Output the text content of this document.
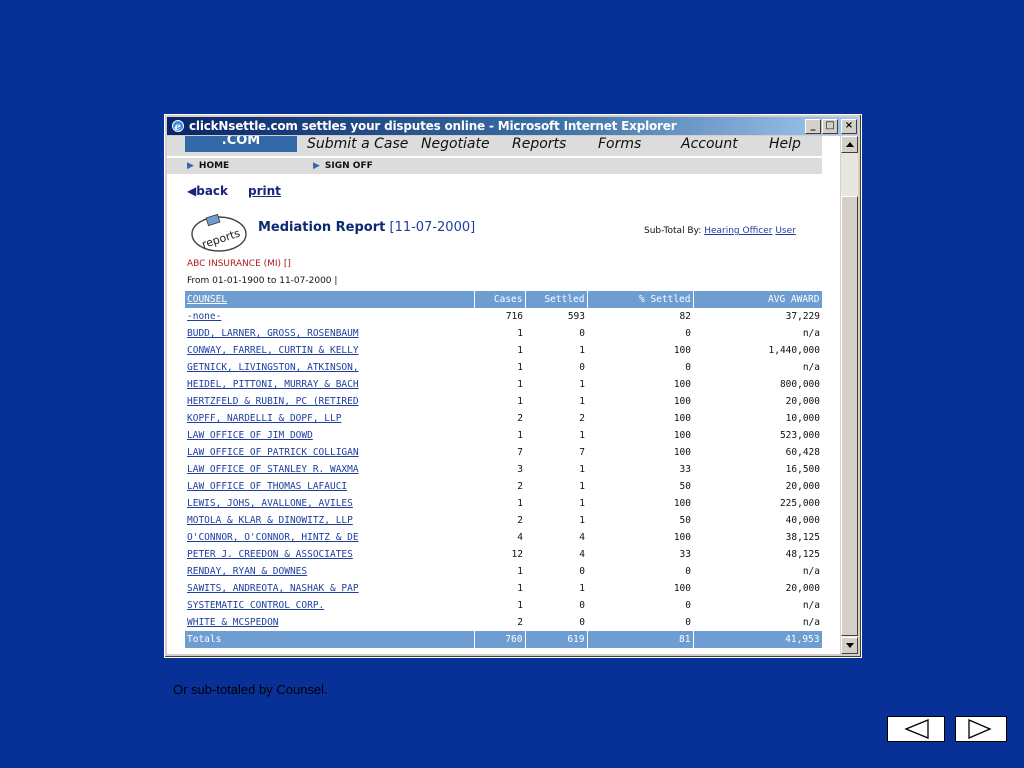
e clickNsettle.com settles your disputes online - Microsoft Internet Explorer	_ □	×
.COM	Submit a Case Negotiate Reports Forms	Account Help
▶ HOME	▶ SIGN OFF
◀back print
reports Mediation Report [11-07-2000]	Sub-Total By: Hearing Officer User
ABC INSURANCE (MI) []
From 01-01-1900 to 11-07-2000 |
COUNSEL	Cases	Settled	% Settled	AVG AWARD
-none-	716	593	82	37,229
BUDD, LARNER, GROSS, ROSENBAUM	1	0	0	n/a
CONWAY, FARREL, CURTIN & KELLY	1	1	100	1,440,000
GETNICK, LIVINGSTON, ATKINSON,	1	0	0	n/a
HEIDEL, PITTONI, MURRAY & BACH	1	1	100	800,000
HERTZFELD & RUBIN, PC (RETIRED	1	1	100	20,000
KOPFF, NARDELLI & DOPF, LLP	2	2	100	10,000
LAW OFFICE OF JIM DOWD	1	1	100	523,000
LAW OFFICE OF PATRICK COLLIGAN	7	7	100	60,428
LAW OFFICE OF STANLEY R. WAXMA	3	1	33	16,500
LAW OFFICE OF THOMAS LAFAUCI	2	1	50	20,000
LEWIS, JOHS, AVALLONE, AVILES	1	1	100	225,000
MOTOLA & KLAR & DINOWITZ, LLP	2	1	50	40,000
O'CONNOR, O'CONNOR, HINTZ & DE	4	4	100	38,125
PETER J. CREEDON & ASSOCIATES	12	4	33	48,125
RENDAY, RYAN & DOWNES	1	0	0	n/a
SAWITS, ANDREOTA, NASHAK & PAP	1	1	100	20,000
SYSTEMATIC CONTROL CORP.	1	0	0	n/a
WHITE & MCSPEDON	2	0	0	n/a
Totals	760	619	81	41,953
Or sub-totaled by Counsel.
